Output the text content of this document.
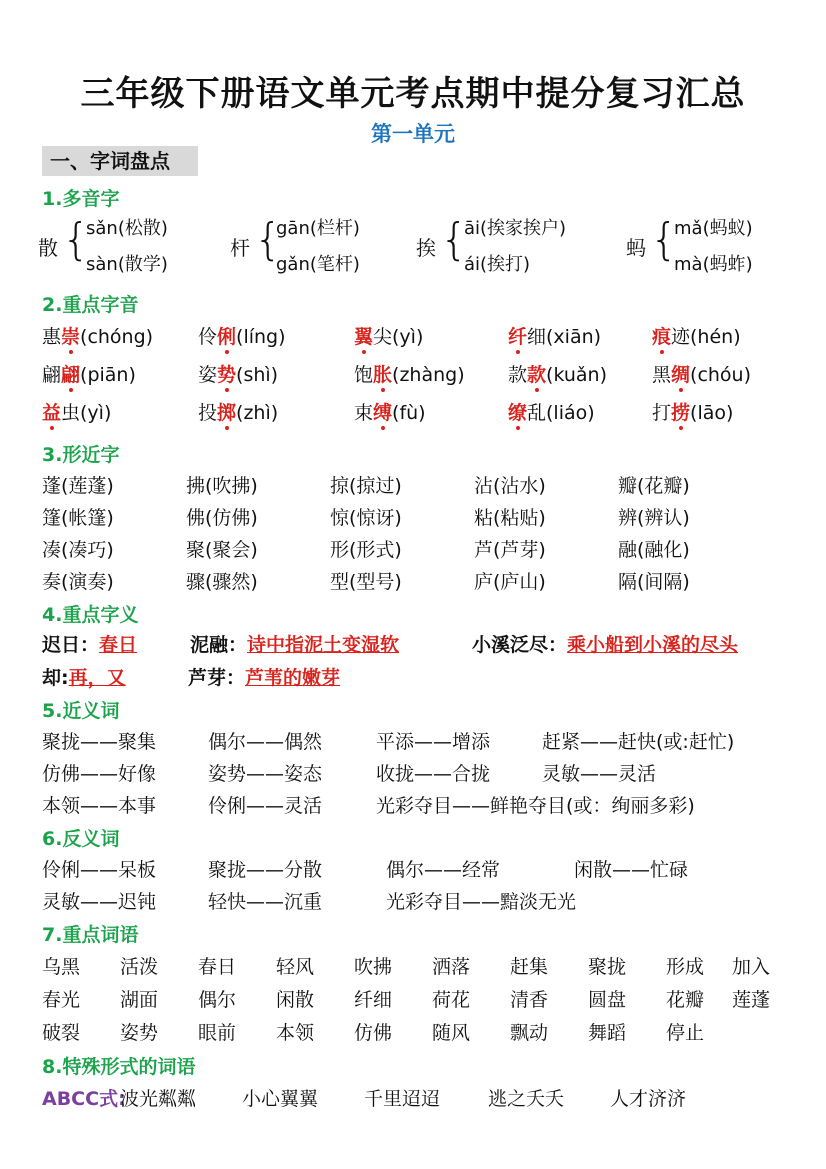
三年级下册语文单元考点期中提分复习汇总
第一单元
一、字词盘点
1.多音字
散 {
sǎn(松散)
sàn(散学)
杆 {
gān(栏杆)
gǎn(笔杆)
挨 {
āi(挨家挨户)
ái(挨打)
蚂 {
mǎ(蚂蚁)
mà(蚂蚱)
2.重点字音
惠崇(chóng) 伶俐(líng)	翼尖(yì)	纤细(xiān)	痕迹(hén)
翩翩(piān)	姿势(shì)	饱胀(zhàng) 款款(kuǎn) 黑绸(chóu)
益虫(yì)	投掷(zhì)	束缚(fù)	缭乱(liáo)	打捞(lāo)
3.形近字
蓬(莲蓬)	拂(吹拂)	掠(掠过)	沾(沾水)	瓣(花瓣)
篷(帐篷)	佛(仿佛)	惊(惊讶)	粘(粘贴)	辨(辨认)
凑(凑巧)	聚(聚会)	形(形式)	芦(芦芽)	融(融化)
奏(演奏)	骤(骤然)	型(型号)	庐(庐山)	隔(间隔)
4.重点字义
迟日：春日	泥融：诗中指泥土变湿软	小溪泛尽：乘小船到小溪的尽头
却:再，又	芦芽：芦苇的嫩芽
5.近义词
聚拢——聚集	偶尔——偶然	平添——增添	赶紧——赶快(或:赶忙)
仿佛——好像	姿势——姿态	收拢——合拢	灵敏——灵活
本领——本事	伶俐——灵活	光彩夺目——鲜艳夺目(或：绚丽多彩)
6.反义词
伶俐——呆板	聚拢——分散	偶尔——经常	闲散——忙碌
灵敏——迟钝	轻快——沉重	光彩夺目——黯淡无光
7.重点词语
乌黑 活泼 春日 轻风 吹拂 洒落 赶集 聚拢 形成 加入
春光 湖面 偶尔 闲散 纤细 荷花 清香 圆盘 花瓣 莲蓬
破裂 姿势 眼前 本领 仿佛 随风 飘动 舞蹈 停止
8.特殊形式的词语
ABCC式:
波光粼粼 小心翼翼 千里迢迢	逃之夭夭 人才济济
